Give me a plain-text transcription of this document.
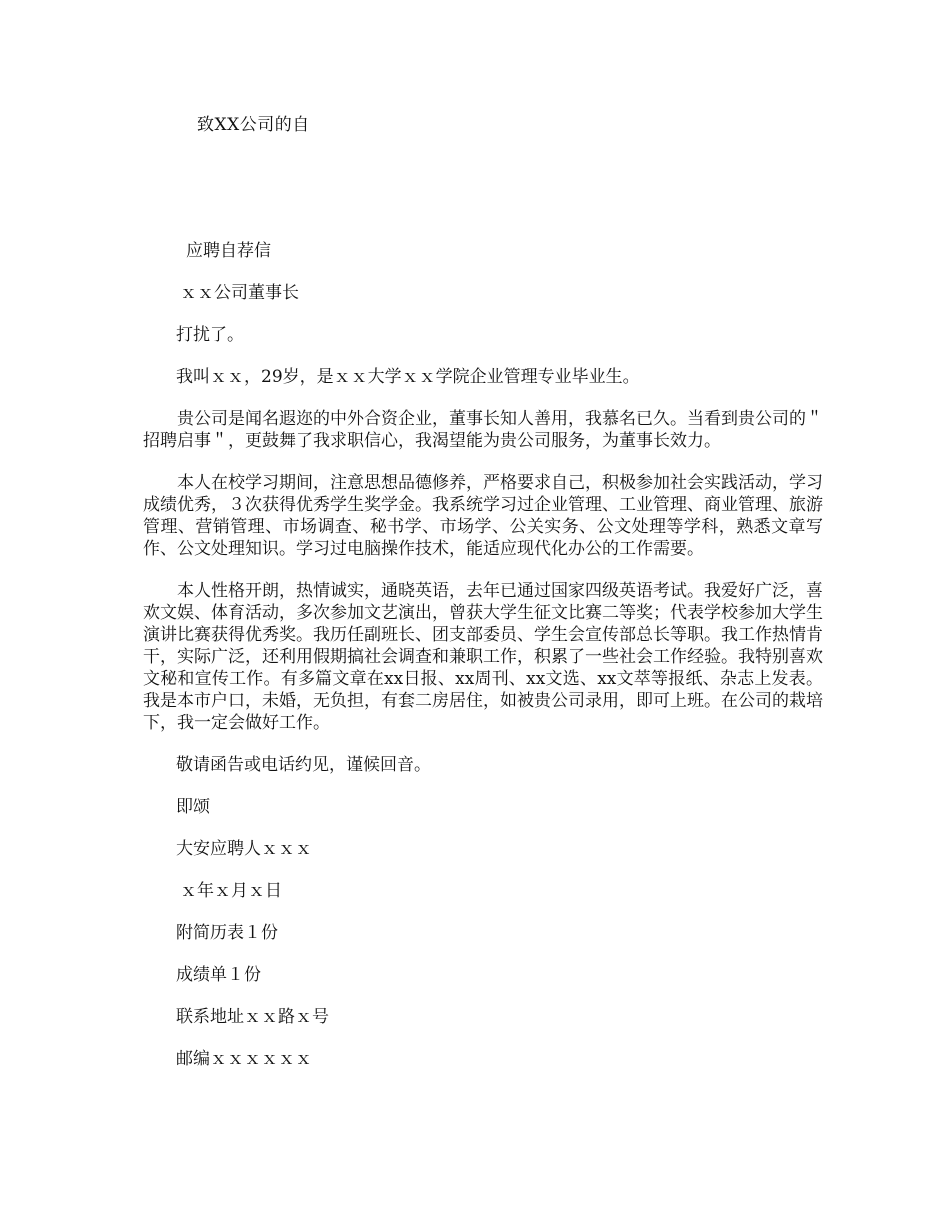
致XX公司的自
应聘自荐信
ｘｘ公司董事长
打扰了。
我叫ｘｘ，29岁，是ｘｘ大学ｘｘ学院企业管理专业毕业生。

贵公司是闻名遐迩的中外合资企业，董事长知人善用，我慕名已久。当看到贵公司的＂招聘启事＂，更鼓舞了我求职信心，我渴望能为贵公司服务，为董事长效力。

本人在校学习期间，注意思想品德修养，严格要求自己，积极参加社会实践活动，学习成绩优秀，３次获得优秀学生奖学金。我系统学习过企业管理、工业管理、商业管理、旅游管理、营销管理、市场调查、秘书学、市场学、公关实务、公文处理等学科，熟悉文章写作、公文处理知识。学习过电脑操作技术，能适应现代化办公的工作需要。

本人性格开朗，热情诚实，通晓英语，去年已通过国家四级英语考试。我爱好广泛，喜欢文娱、体育活动，多次参加文艺演出，曾获大学生征文比赛二等奖；代表学校参加大学生演讲比赛获得优秀奖。我历任副班长、团支部委员、学生会宣传部总长等职。我工作热情肯干，实际广泛，还利用假期搞社会调查和兼职工作，积累了一些社会工作经验。我特别喜欢文秘和宣传工作。有多篇文章在xx日报、xx周刊、xx文选、xx文萃等报纸、杂志上发表。我是本市户口，未婚，无负担，有套二房居住，如被贵公司录用，即可上班。在公司的栽培下，我一定会做好工作。

敬请函告或电话约见，谨候回音。
即颂
大安应聘人ｘｘｘ
ｘ年ｘ月ｘ日
附简历表１份
成绩单１份
联系地址ｘｘ路ｘ号
邮编ｘｘｘｘｘｘ
